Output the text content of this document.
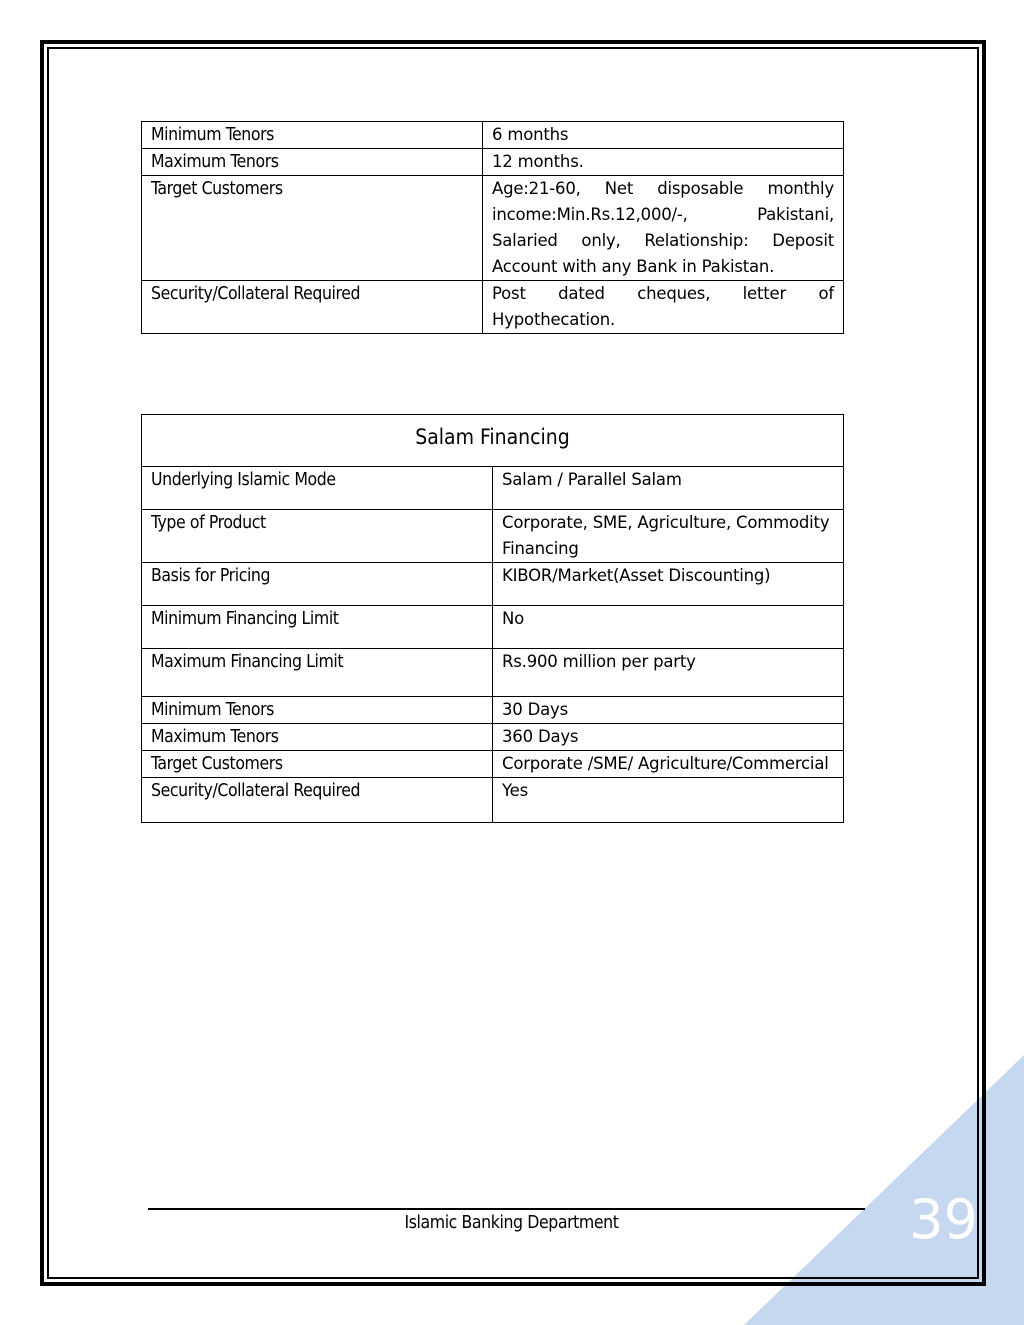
Minimum Tenors	6 months
Maximum Tenors	12 months.
Target Customers	Age:21-60, Net disposable monthly income:Min.Rs.12,000/-, Pakistani, Salaried only, Relationship: Deposit Account with any Bank in Pakistan.
Security/Collateral Required	Post dated cheques, letter of Hypothecation.
Salam Financing	
Underlying Islamic Mode	Salam / Parallel Salam
Type of Product	Corporate, SME, Agriculture, Commodity Financing
Basis for Pricing	KIBOR/Market(Asset Discounting)
Minimum Financing Limit	No
Maximum Financing Limit	Rs.900 million per party
Minimum Tenors	30 Days
Maximum Tenors	360 Days
Target Customers	Corporate /SME/ Agriculture/Commercial
Security/Collateral Required	Yes
Islamic Banking Department	39
